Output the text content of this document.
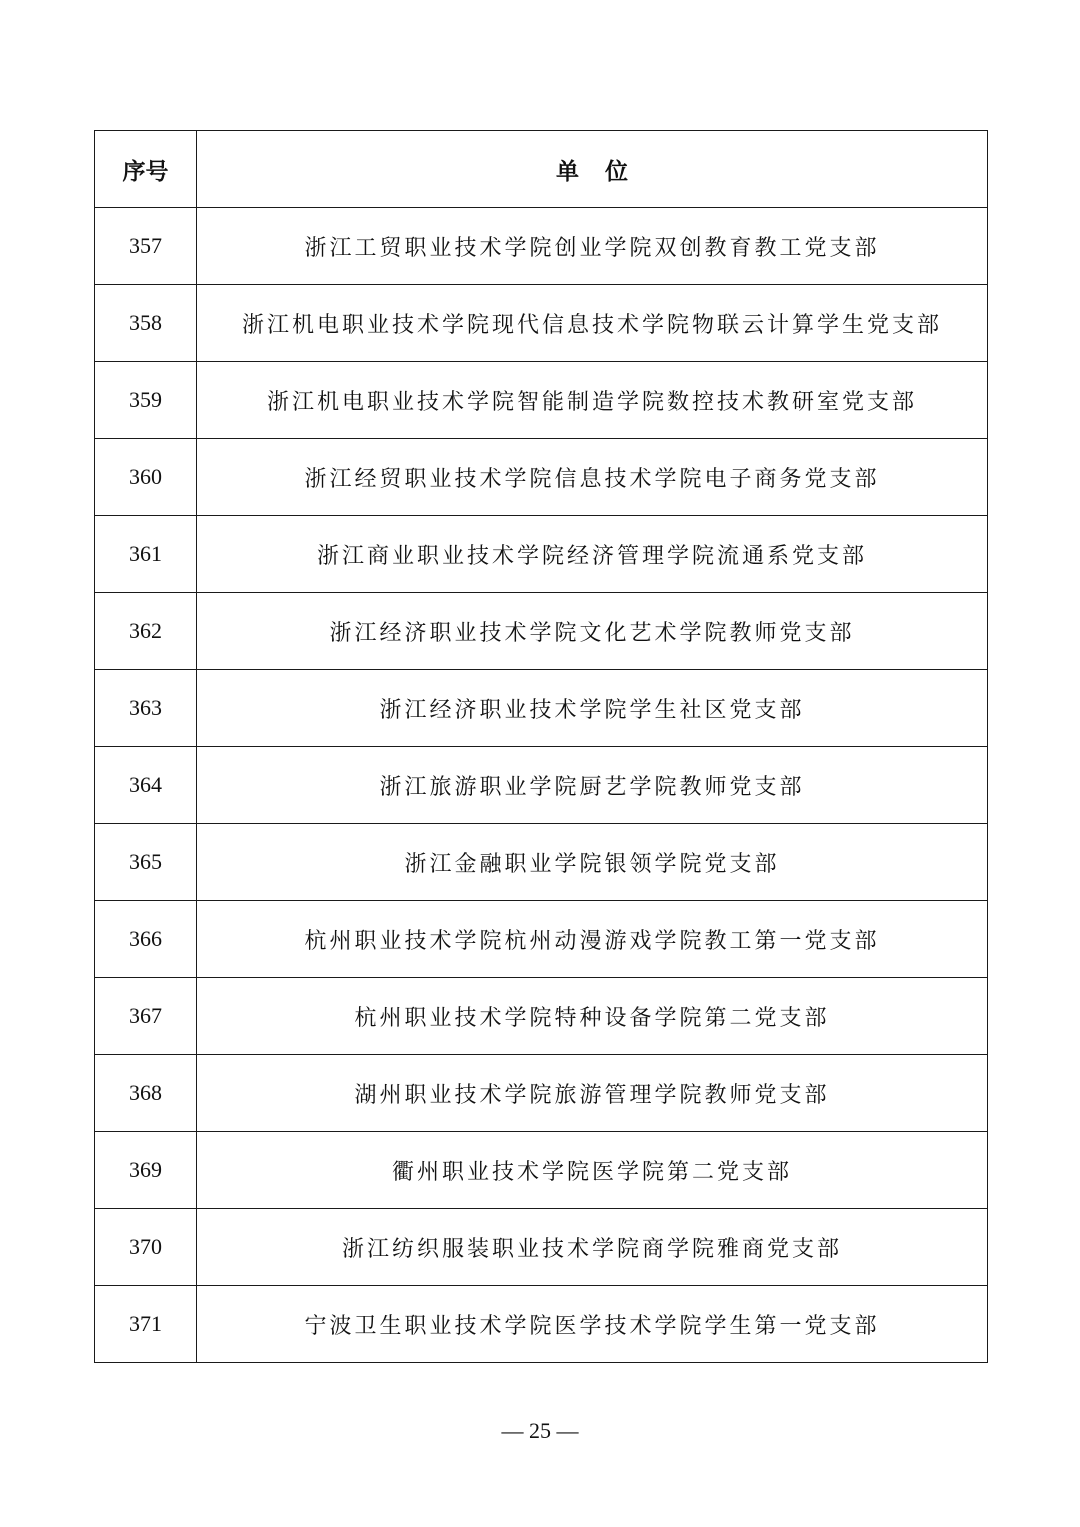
序号	单位
357	浙江工贸职业技术学院创业学院双创教育教工党支部
358	浙江机电职业技术学院现代信息技术学院物联云计算学生党支部
359	浙江机电职业技术学院智能制造学院数控技术教研室党支部
360	浙江经贸职业技术学院信息技术学院电子商务党支部
361	浙江商业职业技术学院经济管理学院流通系党支部
362	浙江经济职业技术学院文化艺术学院教师党支部
363	浙江经济职业技术学院学生社区党支部
364	浙江旅游职业学院厨艺学院教师党支部
365	浙江金融职业学院银领学院党支部
366	杭州职业技术学院杭州动漫游戏学院教工第一党支部
367	杭州职业技术学院特种设备学院第二党支部
368	湖州职业技术学院旅游管理学院教师党支部
369	衢州职业技术学院医学院第二党支部
370	浙江纺织服装职业技术学院商学院雅商党支部
371	宁波卫生职业技术学院医学技术学院学生第一党支部
— 25 —
